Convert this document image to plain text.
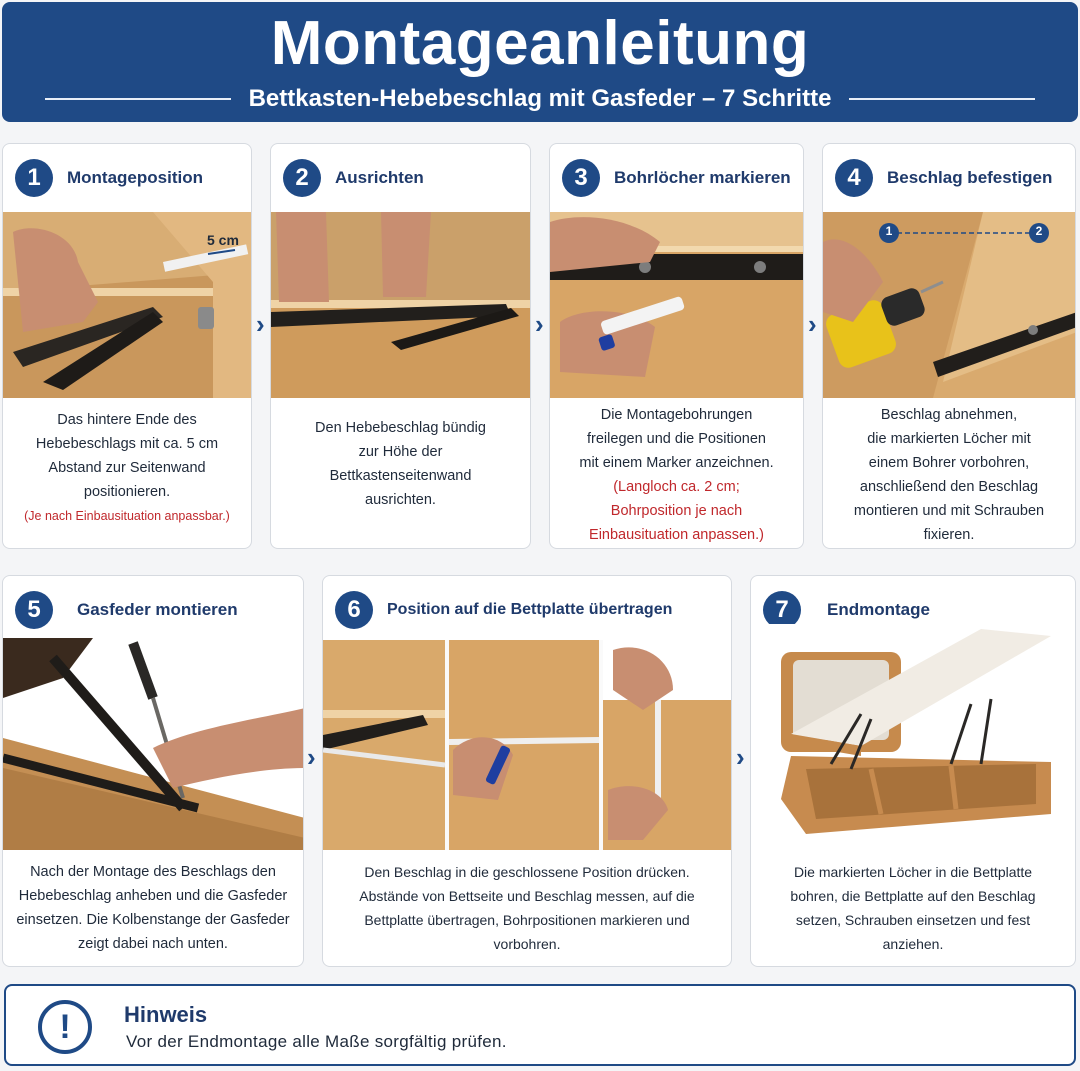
Montageanleitung
Bettkasten-Hebebeschlag mit Gasfeder – 7 Schritte
1	Montageposition
5 cm
Das hintere Ende des
Hebebeschlags mit ca. 5 cm
Abstand zur Seitenwand
positionieren.
(Je nach Einbausituation anpassbar.)
›
2	Ausrichten
Den Hebebeschlag bündig
zur Höhe der
Bettkastenseitenwand
ausrichten.
›
3	Bohrlöcher markieren
Die Montagebohrungen
freilegen und die Positionen
mit einem Marker anzeichnen.
(Langloch ca. 2 cm;
Bohrposition je nach
Einbausituation anpassen.)
›
4	Beschlag befestigen
1	2
Beschlag abnehmen,
die markierten Löcher mit
einem Bohrer vorbohren,
anschließend den Beschlag
montieren und mit Schrauben
fixieren.
5	Gasfeder montieren
Nach der Montage des Beschlags den
Hebebeschlag anheben und die Gasfeder
einsetzen. Die Kolbenstange der Gasfeder
zeigt dabei nach unten.
›
6	Position auf die Bettplatte übertragen
Den Beschlag in die geschlossene Position drücken.
Abstände von Bettseite und Beschlag messen, auf die
Bettplatte übertragen, Bohrpositionen markieren und vorbohren.
›
7	Endmontage
Die markierten Löcher in die Bettplatte
bohren, die Bettplatte auf den Beschlag
setzen, Schrauben einsetzen und fest
anziehen.
!	Hinweis
Vor der Endmontage alle Maße sorgfältig prüfen.
